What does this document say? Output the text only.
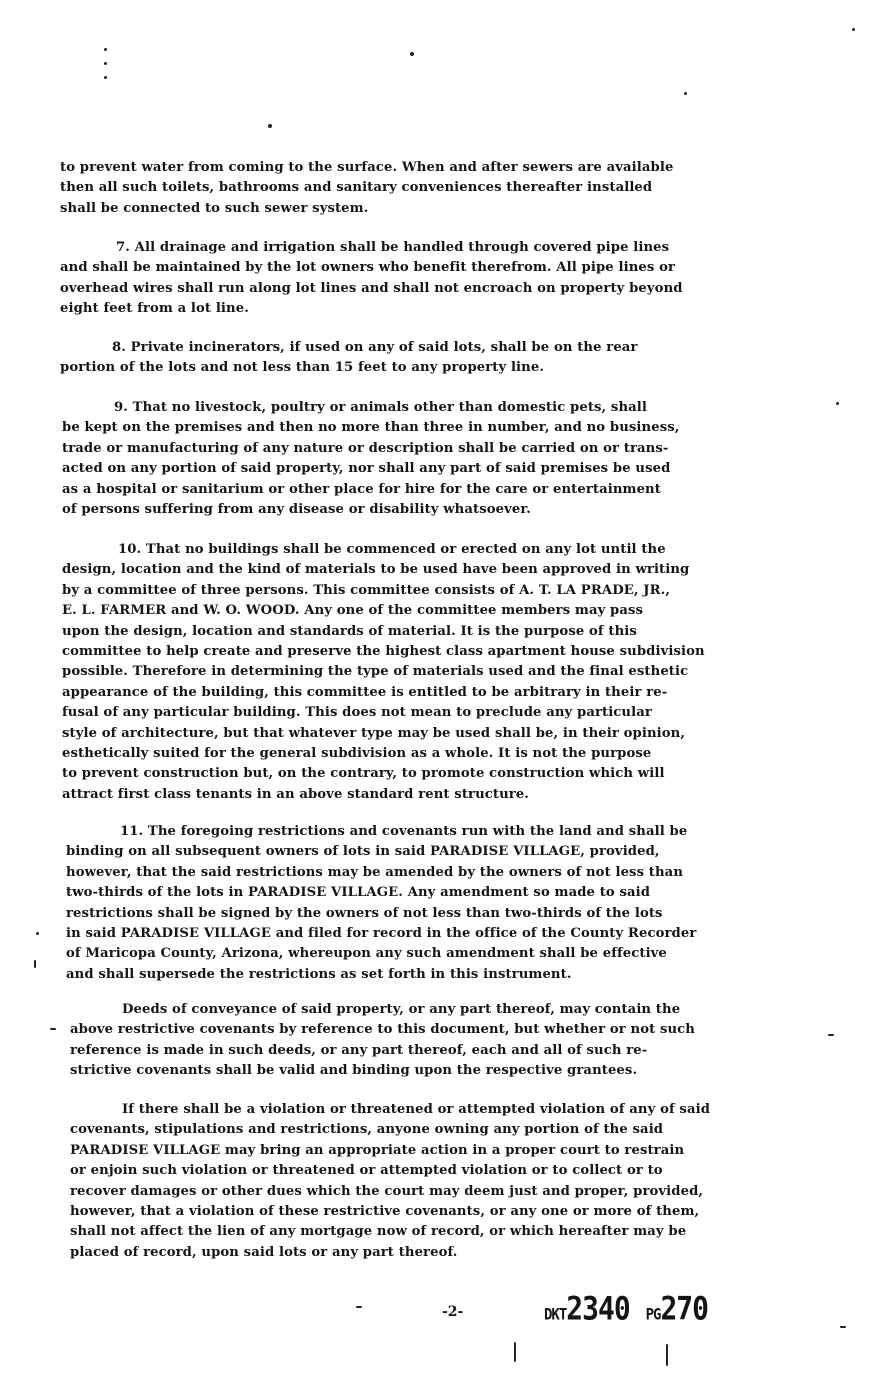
to prevent water from coming to the surface. When and after sewers are available
then all such toilets, bathrooms and sanitary conveniences thereafter installed
shall be connected to such sewer system.
7. All drainage and irrigation shall be handled through covered pipe lines
and shall be maintained by the lot owners who benefit therefrom. All pipe lines or
overhead wires shall run along lot lines and shall not encroach on property beyond
eight feet from a lot line.
8. Private incinerators, if used on any of said lots, shall be on the rear
portion of the lots and not less than 15 feet to any property line.
9. That no livestock, poultry or animals other than domestic pets, shall
be kept on the premises and then no more than three in number, and no business,
trade or manufacturing of any nature or description shall be carried on or trans-
acted on any portion of said property, nor shall any part of said premises be used
as a hospital or sanitarium or other place for hire for the care or entertainment
of persons suffering from any disease or disability whatsoever.
10. That no buildings shall be commenced or erected on any lot until the
design, location and the kind of materials to be used have been approved in writing
by a committee of three persons. This committee consists of A. T. LA PRADE, JR.,
E. L. FARMER and W. O. WOOD. Any one of the committee members may pass
upon the design, location and standards of material. It is the purpose of this
committee to help create and preserve the highest class apartment house subdivision
possible. Therefore in determining the type of materials used and the final esthetic
appearance of the building, this committee is entitled to be arbitrary in their re-
fusal of any particular building. This does not mean to preclude any particular
style of architecture, but that whatever type may be used shall be, in their opinion,
esthetically suited for the general subdivision as a whole. It is not the purpose
to prevent construction but, on the contrary, to promote construction which will
attract first class tenants in an above standard rent structure.
11. The foregoing restrictions and covenants run with the land and shall be
binding on all subsequent owners of lots in said PARADISE VILLAGE, provided,
however, that the said restrictions may be amended by the owners of not less than
two-thirds of the lots in PARADISE VILLAGE. Any amendment so made to said
restrictions shall be signed by the owners of not less than two-thirds of the lots
in said PARADISE VILLAGE and filed for record in the office of the County Recorder
of Maricopa County, Arizona, whereupon any such amendment shall be effective
and shall supersede the restrictions as set forth in this instrument.
Deeds of conveyance of said property, or any part thereof, may contain the
above restrictive covenants by reference to this document, but whether or not such
reference is made in such deeds, or any part thereof, each and all of such re-
strictive covenants shall be valid and binding upon the respective grantees.
If there shall be a violation or threatened or attempted violation of any of said
covenants, stipulations and restrictions, anyone owning any portion of the said
PARADISE VILLAGE may bring an appropriate action in a proper court to restrain
or enjoin such violation or threatened or attempted violation or to collect or to
recover damages or other dues which the court may deem just and proper, provided,
however, that a violation of these restrictive covenants, or any one or more of them,
shall not affect the lien of any mortgage now of record, or which hereafter may be
placed of record, upon said lots or any part thereof.
-2-	DKT2340 PG270
